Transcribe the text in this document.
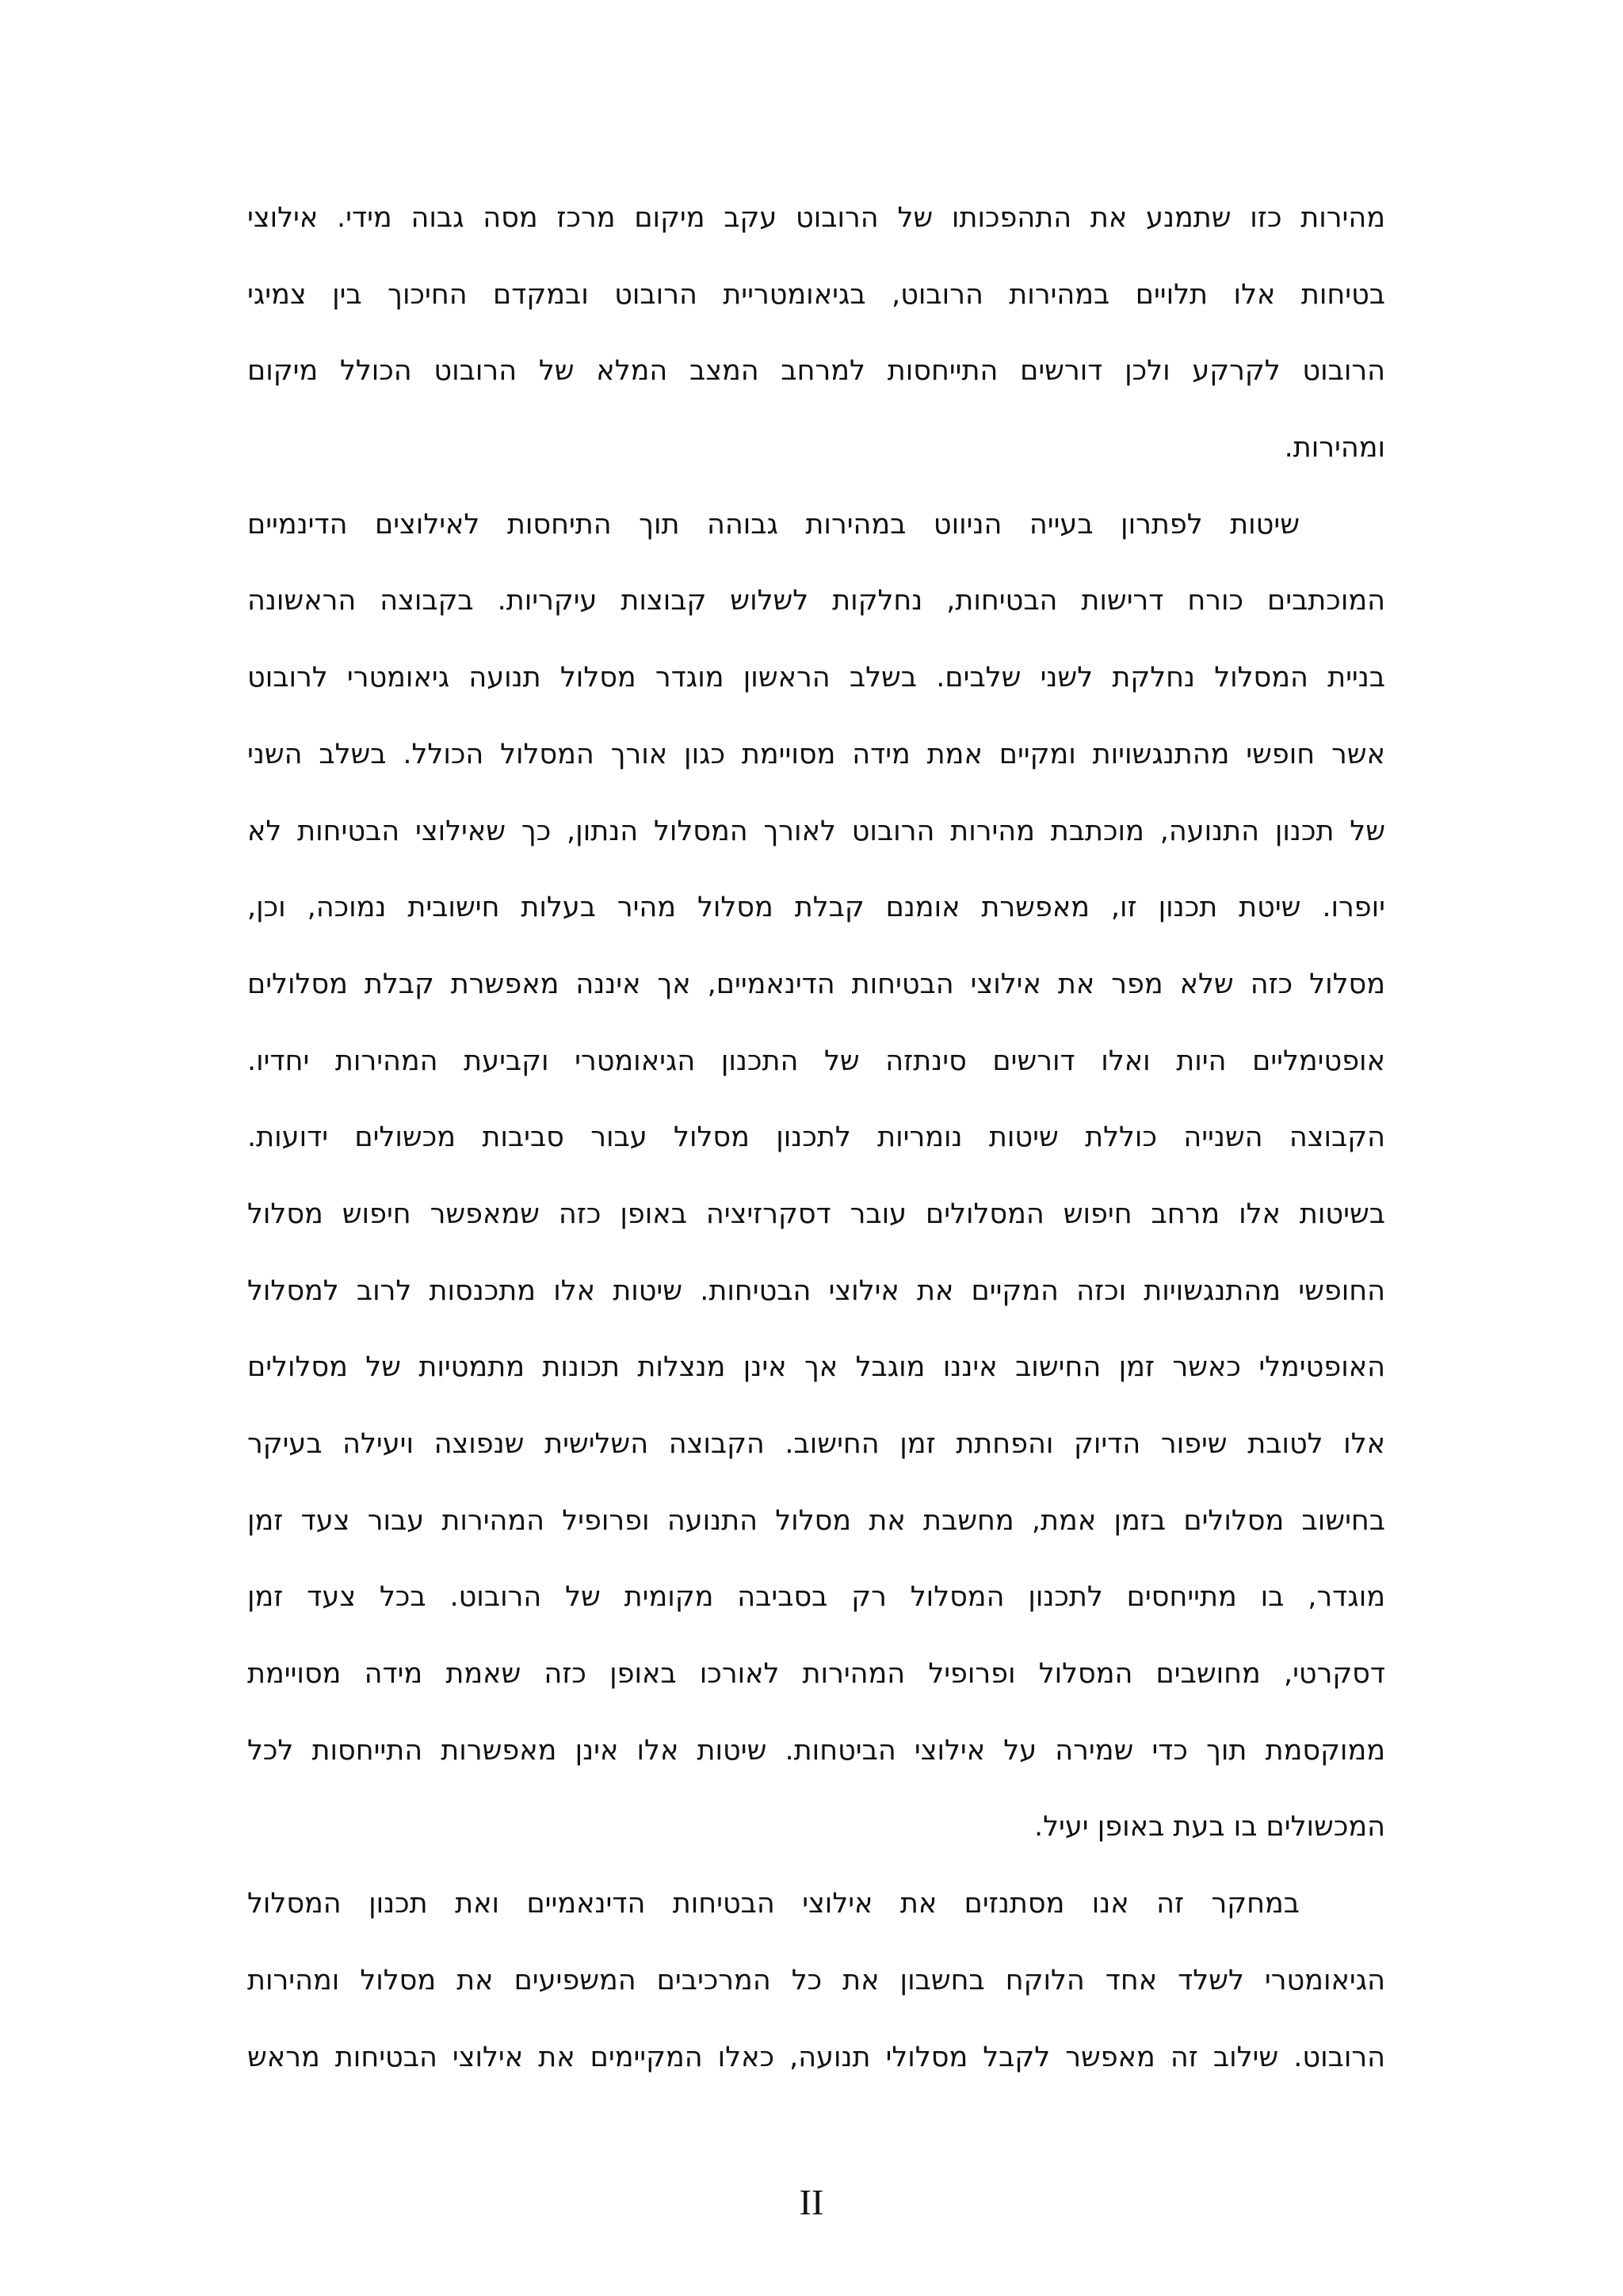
מהירות כזו שתמנע את התהפכותו של הרובוט עקב מיקום מרכז מסה גבוה מידי. אילוצי
בטיחות אלו תלויים במהירות הרובוט, בגיאומטריית הרובוט ובמקדם החיכוך בין צמיגי
הרובוט לקרקע ולכן דורשים התייחסות למרחב המצב המלא של הרובוט הכולל מיקום
ומהירות.
שיטות לפתרון בעייה הניווט במהירות גבוהה תוך התיחסות לאילוצים הדינמיים
המוכתבים כורח דרישות הבטיחות, נחלקות לשלוש קבוצות עיקריות. בקבוצה הראשונה
בניית המסלול נחלקת לשני שלבים. בשלב הראשון מוגדר מסלול תנועה גיאומטרי לרובוט
אשר חופשי מהתנגשויות ומקיים אמת מידה מסויימת כגון אורך המסלול הכולל. בשלב השני
של תכנון התנועה, מוכתבת מהירות הרובוט לאורך המסלול הנתון, כך שאילוצי הבטיחות לא
יופרו. שיטת תכנון זו, מאפשרת אומנם קבלת מסלול מהיר בעלות חישובית נמוכה, וכן,
מסלול כזה שלא מפר את אילוצי הבטיחות הדינאמיים, אך איננה מאפשרת קבלת מסלולים
אופטימליים היות ואלו דורשים סינתזה של התכנון הגיאומטרי וקביעת המהירות יחדיו.
הקבוצה השנייה כוללת שיטות נומריות לתכנון מסלול עבור סביבות מכשולים ידועות.
בשיטות אלו מרחב חיפוש המסלולים עובר דסקרזיציה באופן כזה שמאפשר חיפוש מסלול
החופשי מהתנגשויות וכזה המקיים את אילוצי הבטיחות. שיטות אלו מתכנסות לרוב למסלול
האופטימלי כאשר זמן החישוב איננו מוגבל אך אינן מנצלות תכונות מתמטיות של מסלולים
אלו לטובת שיפור הדיוק והפחתת זמן החישוב. הקבוצה השלישית שנפוצה ויעילה בעיקר
בחישוב מסלולים בזמן אמת, מחשבת את מסלול התנועה ופרופיל המהירות עבור צעד זמן
מוגדר, בו מתייחסים לתכנון המסלול רק בסביבה מקומית של הרובוט. בכל צעד זמן
דסקרטי, מחושבים המסלול ופרופיל המהירות לאורכו באופן כזה שאמת מידה מסויימת
ממוקסמת תוך כדי שמירה על אילוצי הביטחות. שיטות אלו אינן מאפשרות התייחסות לכל
המכשולים בו בעת באופן יעיל.
במחקר זה אנו מסתנזים את אילוצי הבטיחות הדינאמיים ואת תכנון המסלול
הגיאומטרי לשלד אחד הלוקח בחשבון את כל המרכיבים המשפיעים את מסלול ומהירות
הרובוט. שילוב זה מאפשר לקבל מסלולי תנועה, כאלו המקיימים את אילוצי הבטיחות מראש
II
